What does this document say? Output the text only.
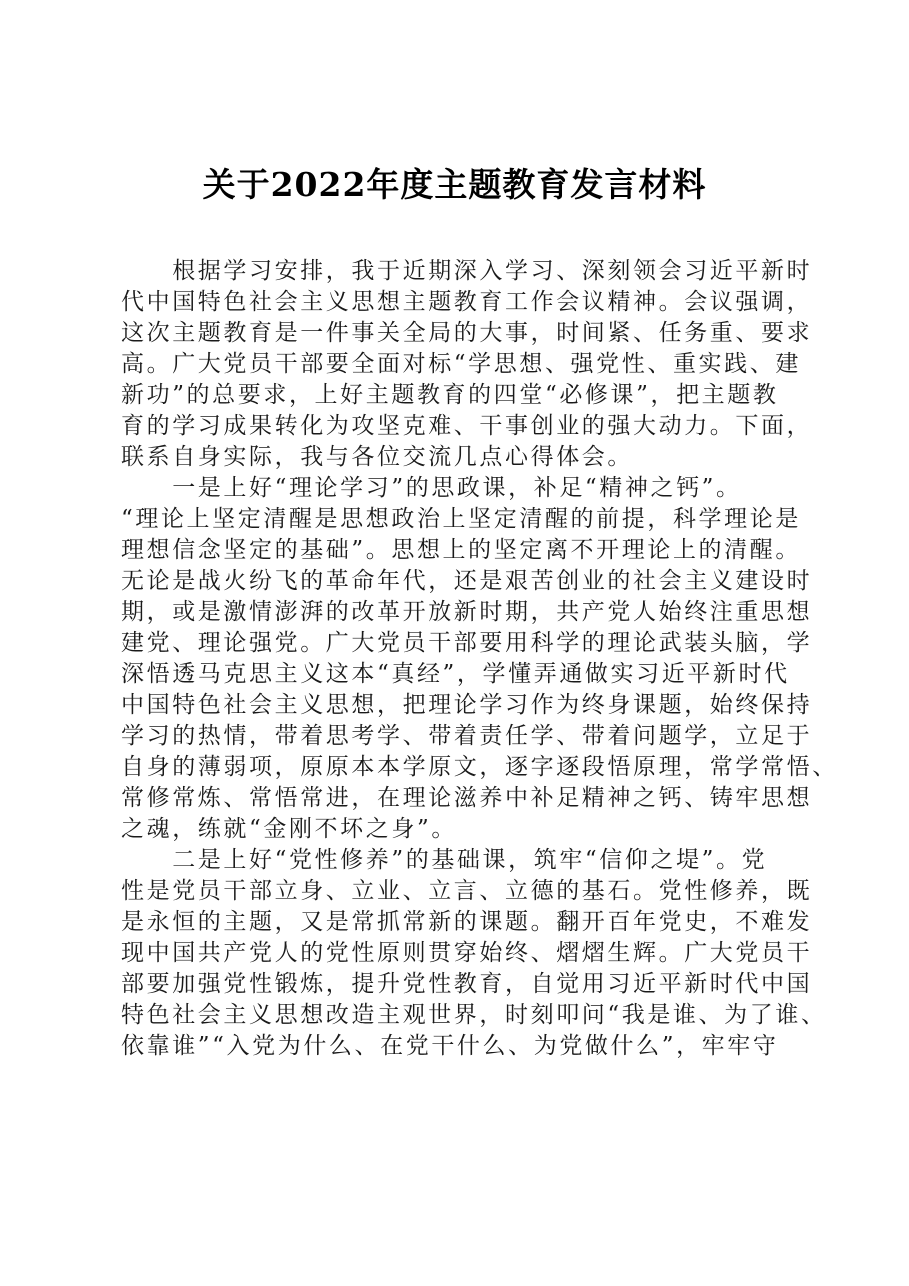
关于2022年度主题教育发言材料
　　根据学习安排，我于近期深入学习、深刻领会习近平新时
代中国特色社会主义思想主题教育工作会议精神。会议强调，
这次主题教育是一件事关全局的大事，时间紧、任务重、要求
高。广大党员干部要全面对标“学思想、强党性、重实践、建
新功”的总要求，上好主题教育的四堂“必修课”，把主题教
育的学习成果转化为攻坚克难、干事创业的强大动力。下面，
联系自身实际，我与各位交流几点心得体会。
　　一是上好“理论学习”的思政课，补足“精神之钙”。
“理论上坚定清醒是思想政治上坚定清醒的前提，科学理论是
理想信念坚定的基础”。思想上的坚定离不开理论上的清醒。
无论是战火纷飞的革命年代，还是艰苦创业的社会主义建设时
期，或是激情澎湃的改革开放新时期，共产党人始终注重思想
建党、理论强党。广大党员干部要用科学的理论武装头脑，学
深悟透马克思主义这本“真经”，学懂弄通做实习近平新时代
中国特色社会主义思想，把理论学习作为终身课题，始终保持
学习的热情，带着思考学、带着责任学、带着问题学，立足于
自身的薄弱项，原原本本学原文，逐字逐段悟原理，常学常悟、
常修常炼、常悟常进，在理论滋养中补足精神之钙、铸牢思想
之魂，练就“金刚不坏之身”。
　　二是上好“党性修养”的基础课，筑牢“信仰之堤”。党
性是党员干部立身、立业、立言、立德的基石。党性修养，既
是永恒的主题，又是常抓常新的课题。翻开百年党史，不难发
现中国共产党人的党性原则贯穿始终、熠熠生辉。广大党员干
部要加强党性锻炼，提升党性教育，自觉用习近平新时代中国
特色社会主义思想改造主观世界，时刻叩问“我是谁、为了谁、
依靠谁”“入党为什么、在党干什么、为党做什么”，牢牢守
